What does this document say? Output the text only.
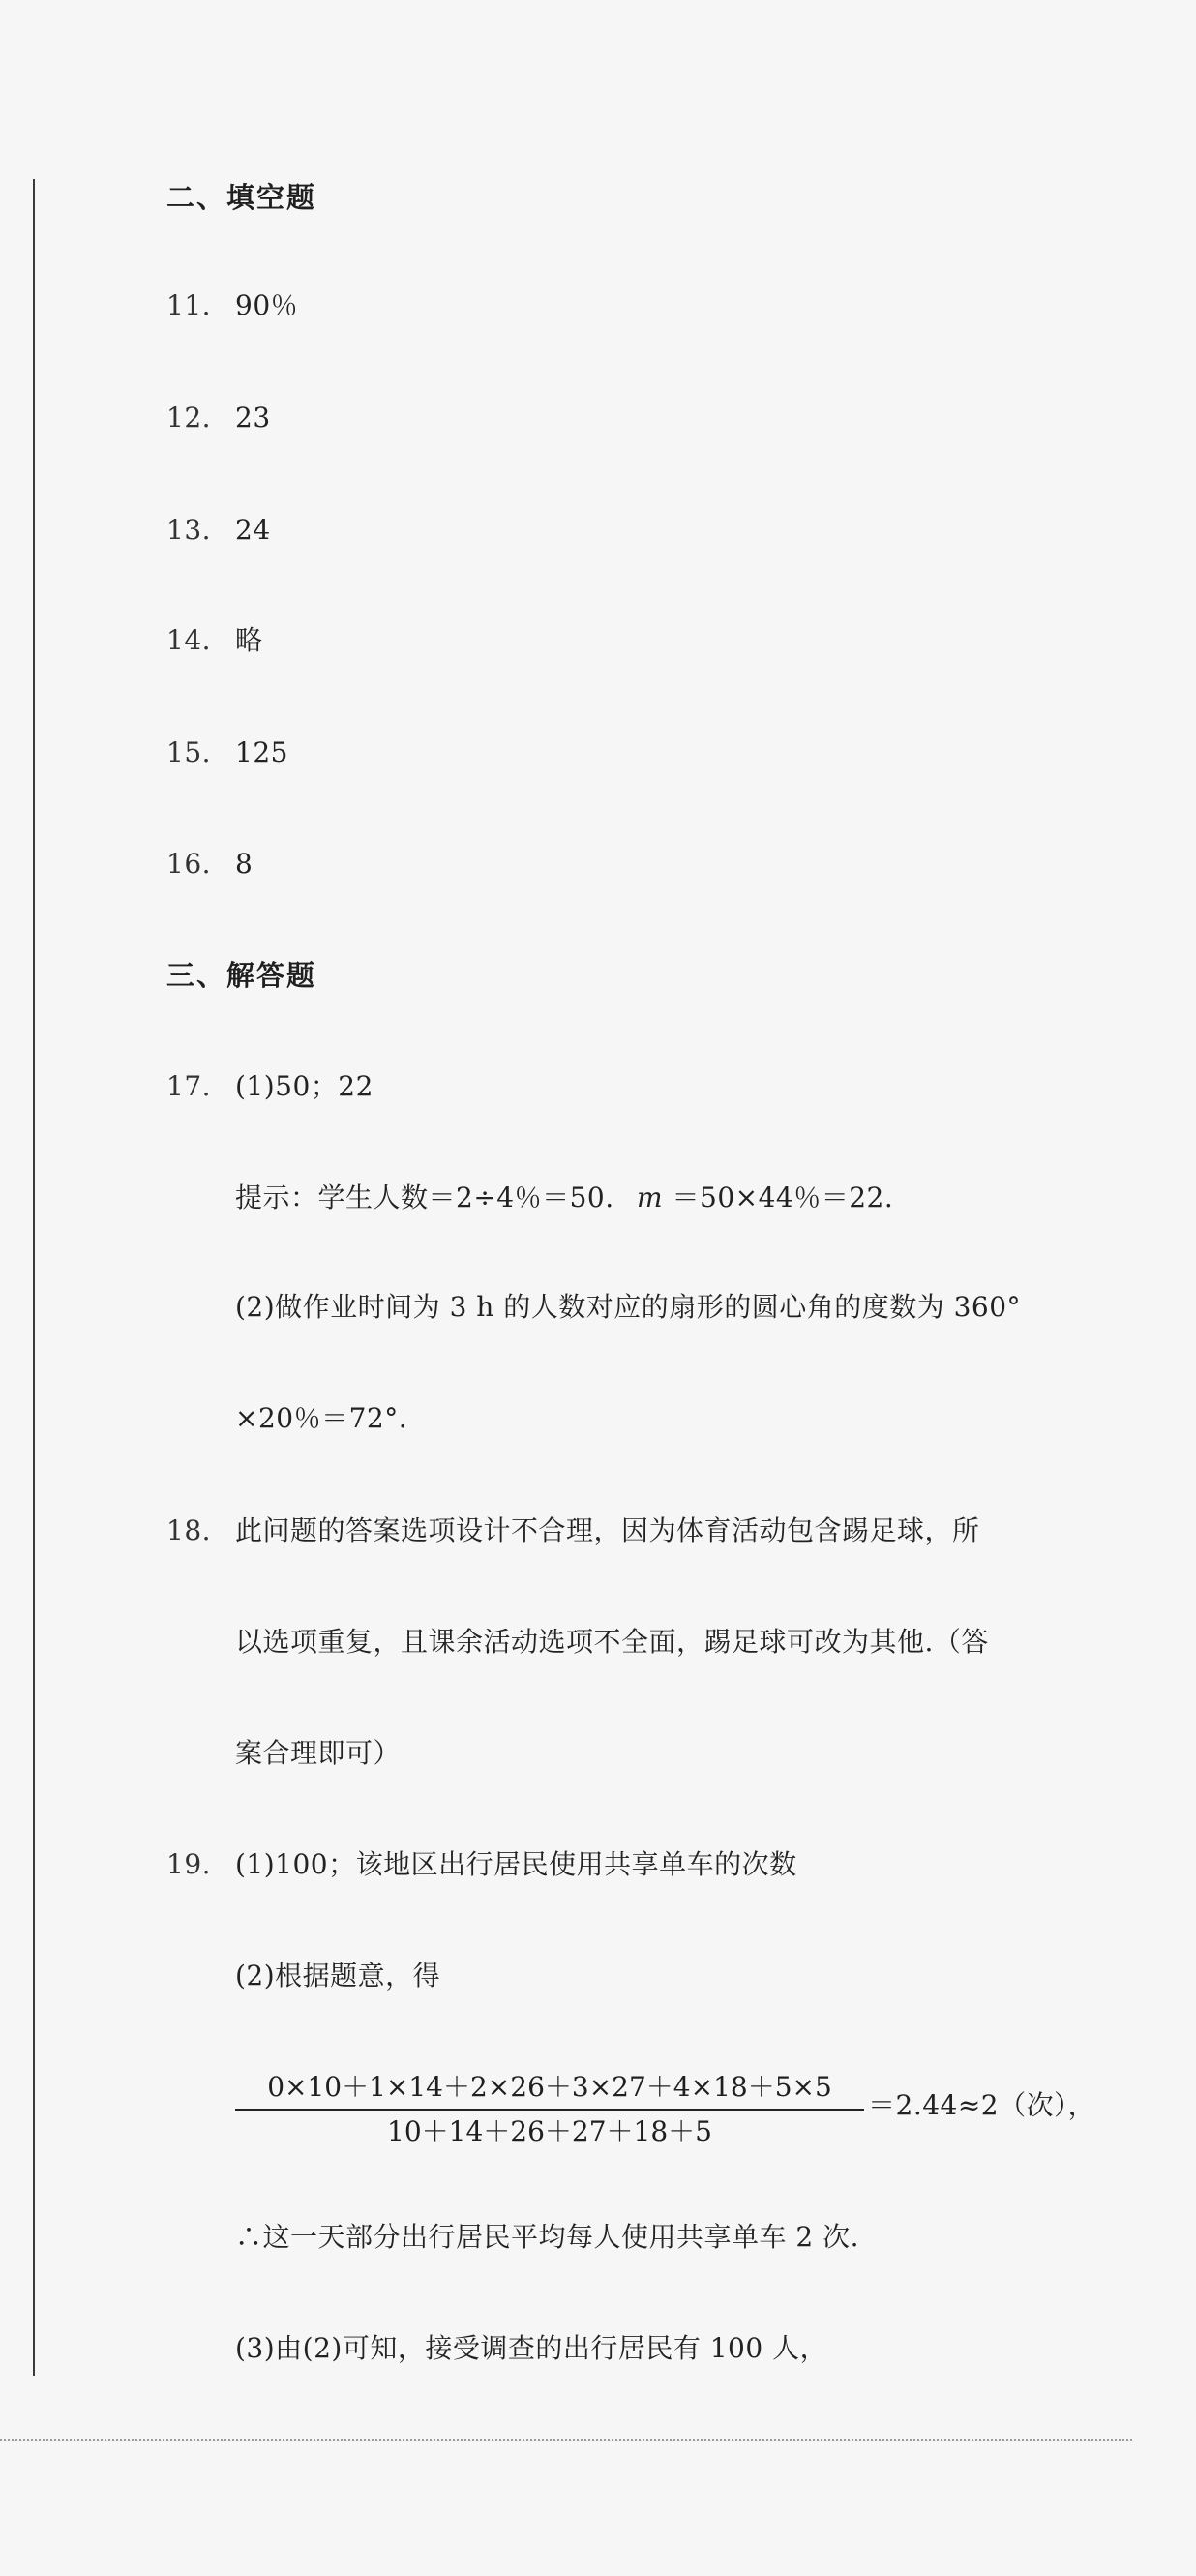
二、填空题
11. 90％
12. 23
13. 24
14. 略
15. 125
16. 8
三、解答题
17. (1)50；22
提示：学生人数＝2÷4％＝50. m ＝50×44％＝22.
(2)做作业时间为 3 h 的人数对应的扇形的圆心角的度数为 360°
×20％＝72°.
18. 此问题的答案选项设计不合理，因为体育活动包含踢足球，所
以选项重复，且课余活动选项不全面，踢足球可改为其他.（答
案合理即可）
19. (1)100；该地区出行居民使用共享单车的次数
(2)根据题意，得
0×10＋1×14＋2×26＋3×27＋4×18＋5×5
10＋14＋26＋27＋18＋5
＝2.44≈2（次），
∴这一天部分出行居民平均每人使用共享单车 2 次.
(3)由(2)可知，接受调查的出行居民有 100 人，
